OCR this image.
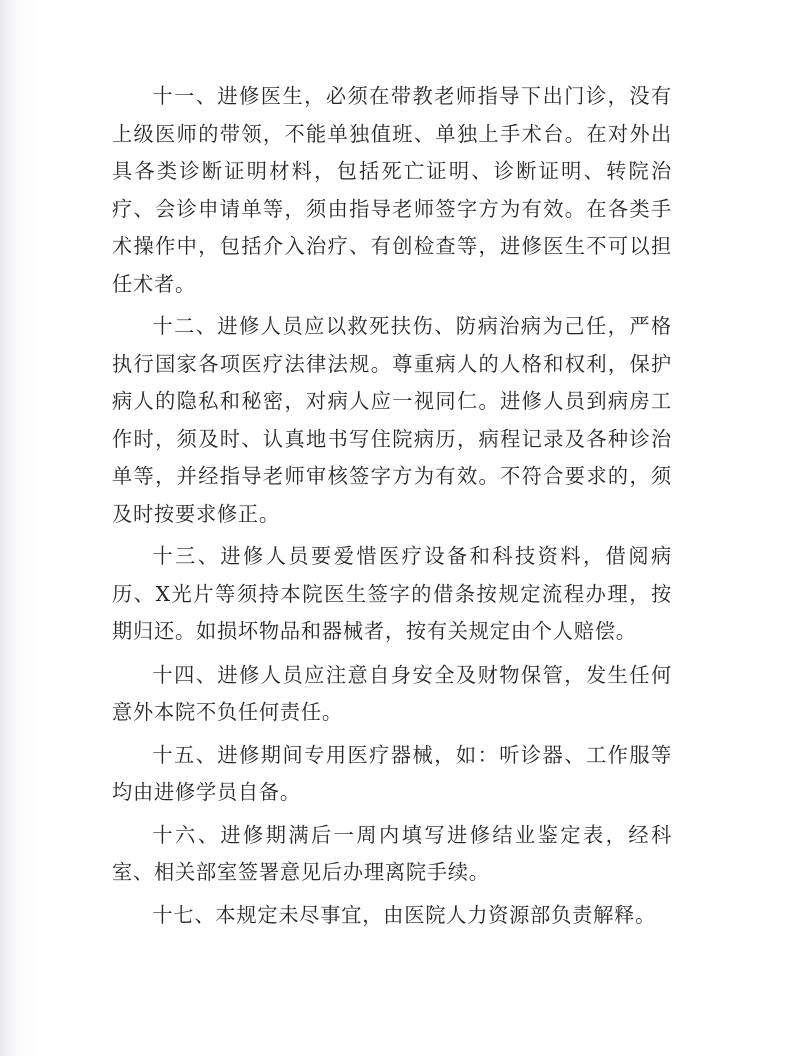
十一、进修医生，必须在带教老师指导下出门诊，没有上级医师的带领，不能单独值班、单独上手术台。在对外出具各类诊断证明材料，包括死亡证明、诊断证明、转院治疗、会诊申请单等，须由指导老师签字方为有效。在各类手术操作中，包括介入治疗、有创检查等，进修医生不可以担任术者。

十二、进修人员应以救死扶伤、防病治病为己任，严格执行国家各项医疗法律法规。尊重病人的人格和权利，保护病人的隐私和秘密，对病人应一视同仁。进修人员到病房工作时，须及时、认真地书写住院病历，病程记录及各种诊治单等，并经指导老师审核签字方为有效。不符合要求的，须及时按要求修正。

十三、进修人员要爱惜医疗设备和科技资料，借阅病历、X光片等须持本院医生签字的借条按规定流程办理，按期归还。如损坏物品和器械者，按有关规定由个人赔偿。

十四、进修人员应注意自身安全及财物保管，发生任何意外本院不负任何责任。

十五、进修期间专用医疗器械，如：听诊器、工作服等均由进修学员自备。

十六、进修期满后一周内填写进修结业鉴定表，经科室、相关部室签署意见后办理离院手续。

十七、本规定未尽事宜，由医院人力资源部负责解释。
